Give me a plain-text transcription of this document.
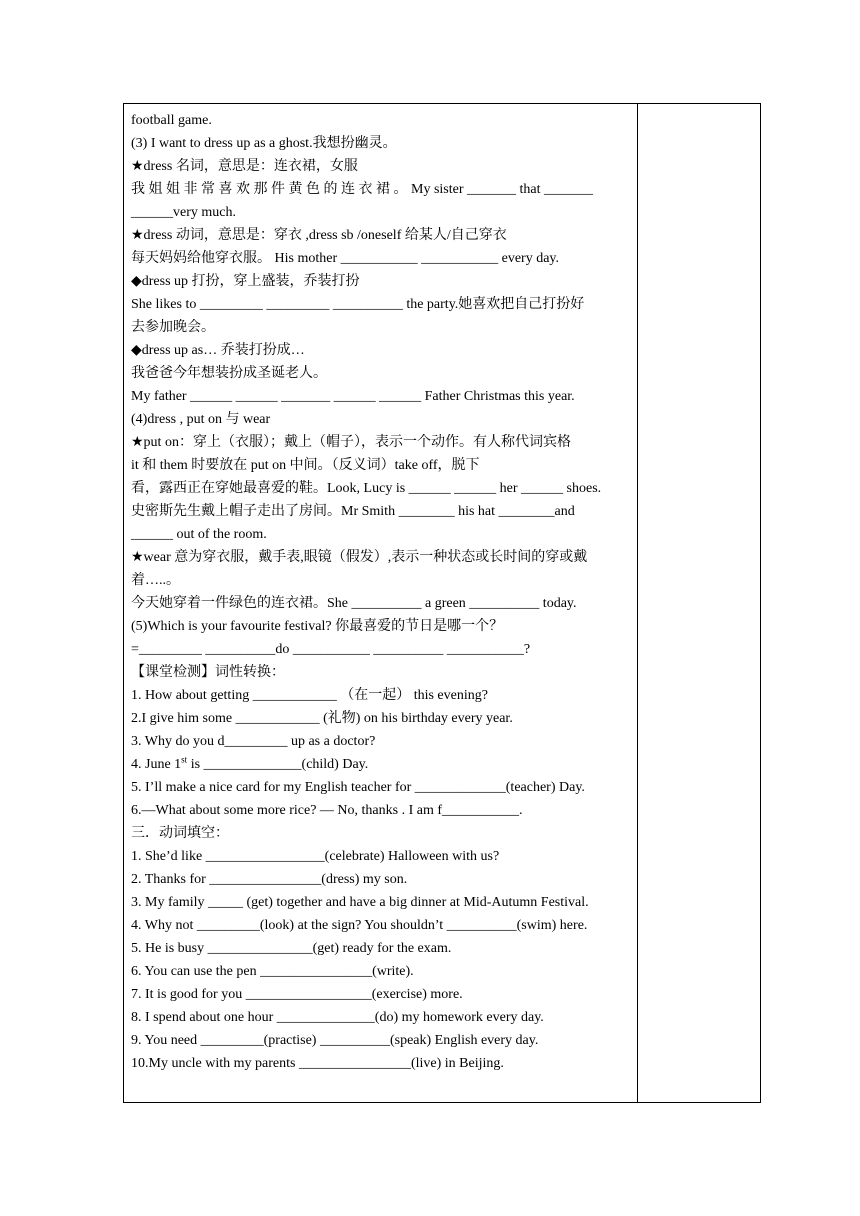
football game.
(3) I want to dress up as a ghost.我想扮幽灵。
★dress 名词，意思是：连衣裙，女服
我 姐 姐 非 常 喜 欢 那 件 黄 色 的 连 衣 裙 。 My sister _______ that _______
______very much.
★dress 动词，意思是：穿衣 ,dress sb /oneself 给某人/自己穿衣
每天妈妈给他穿衣服。 His mother ___________ ___________ every day.
◆dress up 打扮，穿上盛装，乔装打扮
She likes to _________ _________ __________ the party.她喜欢把自己打扮好
去参加晚会。
◆dress up as… 乔装打扮成…
我爸爸今年想装扮成圣诞老人。
My father ______ ______ _______ ______ ______ Father Christmas this year.
(4)dress , put on 与 wear
★put on：穿上（衣服）；戴上（帽子），表示一个动作。有人称代词宾格
it 和 them 时要放在 put on 中间。（反义词）take off，脱下
看，露西正在穿她最喜爱的鞋。Look, Lucy is ______ ______ her ______ shoes.
史密斯先生戴上帽子走出了房间。Mr Smith ________ his hat ________and
______ out of the room.
★wear 意为穿衣服，戴手表,眼镜（假发）,表示一种状态或长时间的穿或戴
着…..。
今天她穿着一件绿色的连衣裙。She __________ a green __________ today.
(5)Which is your favourite festival? 你最喜爱的节日是哪一个？
=_________ __________do ___________ __________ ___________?
【课堂检测】词性转换：
1. How about getting ____________ （在一起） this evening?
2.I give him some ____________ (礼物) on his birthday every year.
3. Why do you d_________ up as a doctor?
4. June 1st is ______________(child) Day.
5. I’ll make a nice card for my English teacher for _____________(teacher) Day.
6.—What about some more rice? — No, thanks . I am f___________.
三．动词填空：
1. She’d like _________________(celebrate) Halloween with us?
2. Thanks for ________________(dress) my son.
3. My family _____ (get) together and have a big dinner at Mid-Autumn Festival.
4. Why not _________(look) at the sign? You shouldn’t __________(swim) here.
5. He is busy _______________(get) ready for the exam.
6. You can use the pen ________________(write).
7. It is good for you __________________(exercise) more.
8. I spend about one hour ______________(do) my homework every day.
9. You need _________(practise) __________(speak) English every day.
10.My uncle with my parents ________________(live) in Beijing.
